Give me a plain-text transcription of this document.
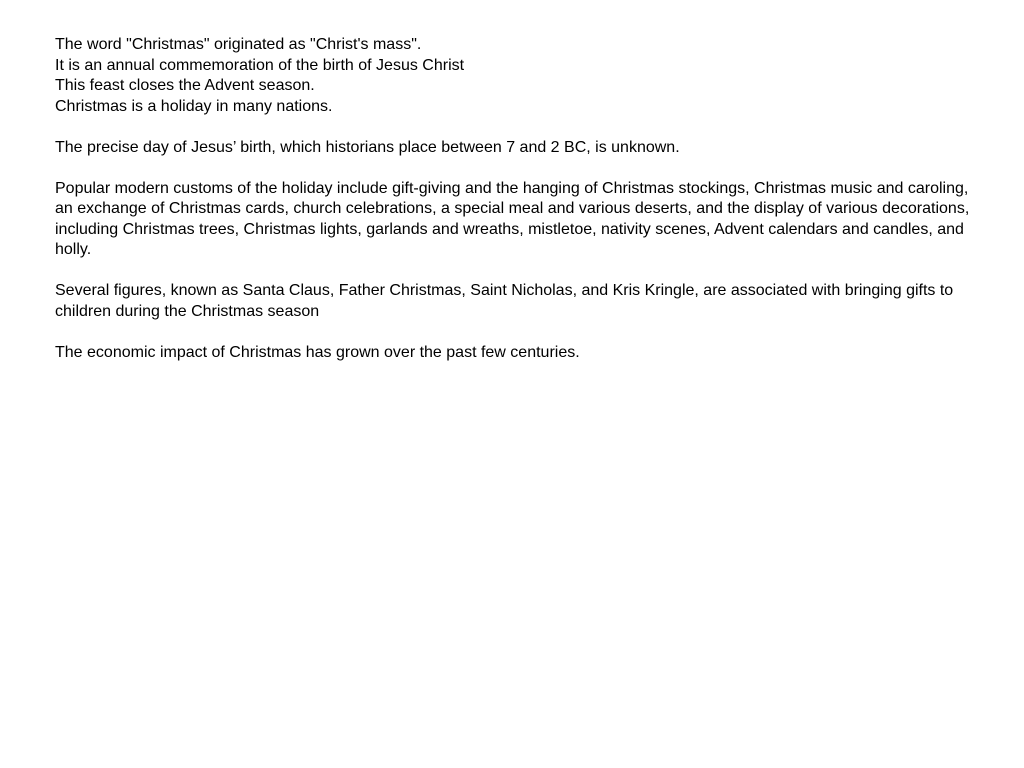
The word "Christmas" originated as "Christ's mass".
It is an annual commemoration of the birth of Jesus Christ
This feast closes the Advent season.
Christmas is a holiday in many nations.

The precise day of Jesus’ birth, which historians place between 7 and 2 BC, is unknown.

Popular modern customs of the holiday include gift-giving and the hanging of Christmas stockings, Christmas music and caroling, an exchange of Christmas cards, church celebrations, a special meal and various deserts, and the display of various decorations, including Christmas trees, Christmas lights, garlands and wreaths, mistletoe, nativity scenes, Advent calendars and candles, and holly.

Several figures, known as Santa Claus, Father Christmas, Saint Nicholas, and Kris Kringle, are associated with bringing gifts to children during the Christmas season

The economic impact of Christmas has grown over the past few centuries.
